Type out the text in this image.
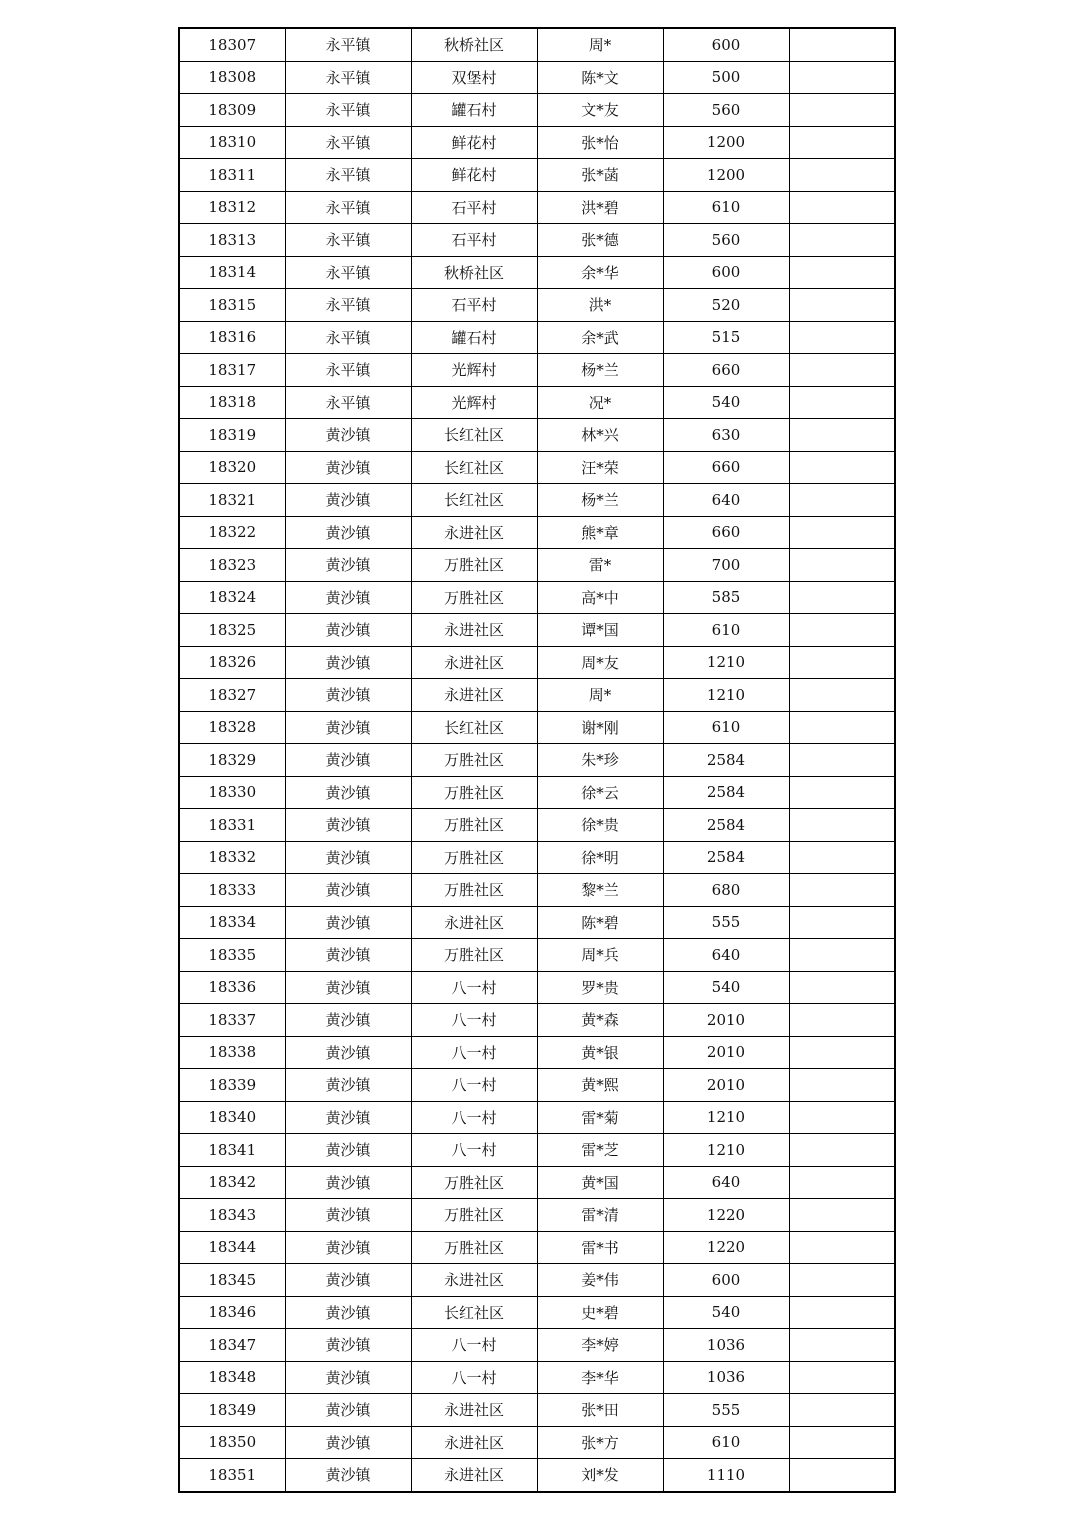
18307	永平镇	秋桥社区	周*	600	
18308	永平镇	双堡村	陈*文	500	
18309	永平镇	罐石村	文*友	560	
18310	永平镇	鲜花村	张*怡	1200	
18311	永平镇	鲜花村	张*菡	1200	
18312	永平镇	石平村	洪*碧	610	
18313	永平镇	石平村	张*德	560	
18314	永平镇	秋桥社区	余*华	600	
18315	永平镇	石平村	洪*	520	
18316	永平镇	罐石村	余*武	515	
18317	永平镇	光辉村	杨*兰	660	
18318	永平镇	光辉村	况*	540	
18319	黄沙镇	长红社区	林*兴	630	
18320	黄沙镇	长红社区	汪*荣	660	
18321	黄沙镇	长红社区	杨*兰	640	
18322	黄沙镇	永进社区	熊*章	660	
18323	黄沙镇	万胜社区	雷*	700	
18324	黄沙镇	万胜社区	高*中	585	
18325	黄沙镇	永进社区	谭*国	610	
18326	黄沙镇	永进社区	周*友	1210	
18327	黄沙镇	永进社区	周*	1210	
18328	黄沙镇	长红社区	谢*刚	610	
18329	黄沙镇	万胜社区	朱*珍	2584	
18330	黄沙镇	万胜社区	徐*云	2584	
18331	黄沙镇	万胜社区	徐*贵	2584	
18332	黄沙镇	万胜社区	徐*明	2584	
18333	黄沙镇	万胜社区	黎*兰	680	
18334	黄沙镇	永进社区	陈*碧	555	
18335	黄沙镇	万胜社区	周*兵	640	
18336	黄沙镇	八一村	罗*贵	540	
18337	黄沙镇	八一村	黄*森	2010	
18338	黄沙镇	八一村	黄*银	2010	
18339	黄沙镇	八一村	黄*熙	2010	
18340	黄沙镇	八一村	雷*菊	1210	
18341	黄沙镇	八一村	雷*芝	1210	
18342	黄沙镇	万胜社区	黄*国	640	
18343	黄沙镇	万胜社区	雷*清	1220	
18344	黄沙镇	万胜社区	雷*书	1220	
18345	黄沙镇	永进社区	姜*伟	600	
18346	黄沙镇	长红社区	史*碧	540	
18347	黄沙镇	八一村	李*婷	1036	
18348	黄沙镇	八一村	李*华	1036	
18349	黄沙镇	永进社区	张*田	555	
18350	黄沙镇	永进社区	张*方	610	
18351	黄沙镇	永进社区	刘*发	1110	
